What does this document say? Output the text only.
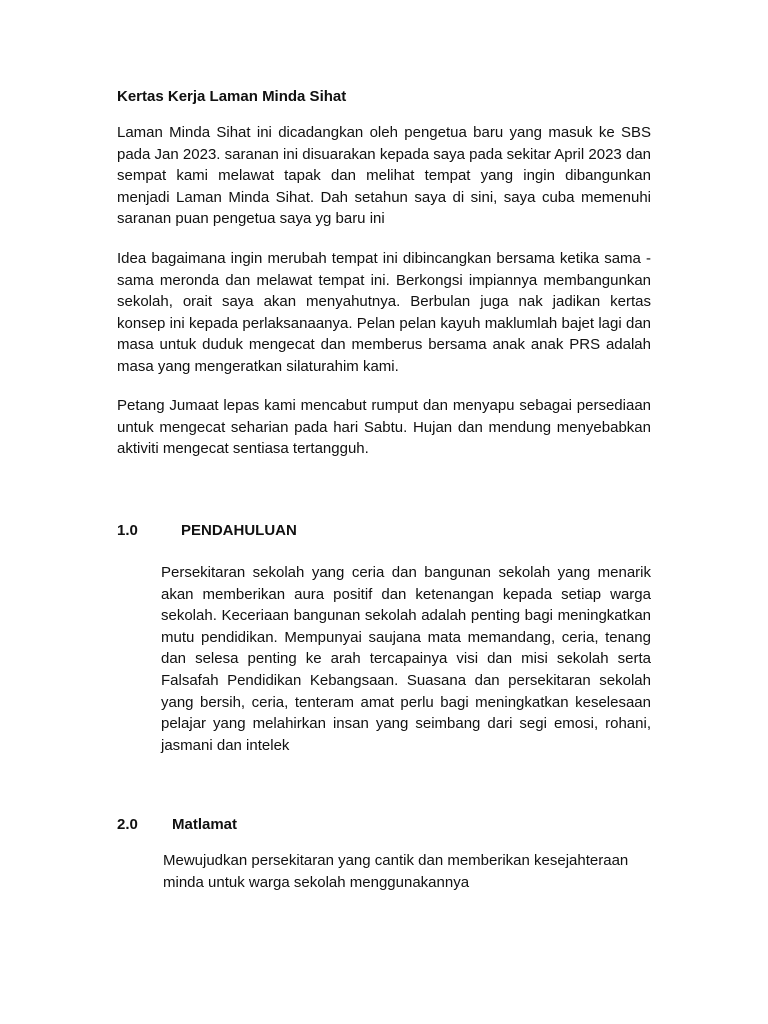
Kertas Kerja Laman Minda Sihat

Laman Minda Sihat ini dicadangkan oleh pengetua baru yang masuk ke SBS pada Jan 2023. saranan ini disuarakan kepada saya pada sekitar April 2023 dan sempat kami melawat tapak dan melihat tempat yang ingin dibangunkan menjadi Laman Minda Sihat. Dah setahun saya di sini, saya cuba memenuhi saranan puan pengetua saya yg baru ini

Idea bagaimana ingin merubah tempat ini dibincangkan bersama ketika sama -sama meronda dan melawat tempat ini. Berkongsi impiannya membangunkan sekolah, orait saya akan menyahutnya. Berbulan juga nak jadikan kertas konsep ini kepada perlaksanaanya. Pelan pelan kayuh maklumlah bajet lagi dan masa untuk duduk mengecat dan memberus bersama anak anak PRS adalah masa yang mengeratkan silaturahim kami.

Petang Jumaat lepas kami mencabut rumput dan menyapu sebagai persediaan untuk mengecat seharian pada hari Sabtu. Hujan dan mendung menyebabkan aktiviti mengecat sentiasa tertangguh.

1.0	PENDAHULUAN

Persekitaran sekolah yang ceria dan bangunan sekolah yang menarik akan memberikan aura positif dan ketenangan kepada setiap warga sekolah. Keceriaan bangunan sekolah adalah penting bagi meningkatkan mutu pendidikan. Mempunyai saujana mata memandang, ceria, tenang dan selesa penting ke arah tercapainya visi dan misi sekolah serta Falsafah Pendidikan Kebangsaan. Suasana dan persekitaran sekolah yang bersih, ceria, tenteram amat perlu bagi meningkatkan keselesaan pelajar yang melahirkan insan yang seimbang dari segi emosi, rohani, jasmani dan intelek

2.0 Matlamat

Mewujudkan persekitaran yang cantik dan memberikan kesejahteraan minda untuk warga sekolah menggunakannya
